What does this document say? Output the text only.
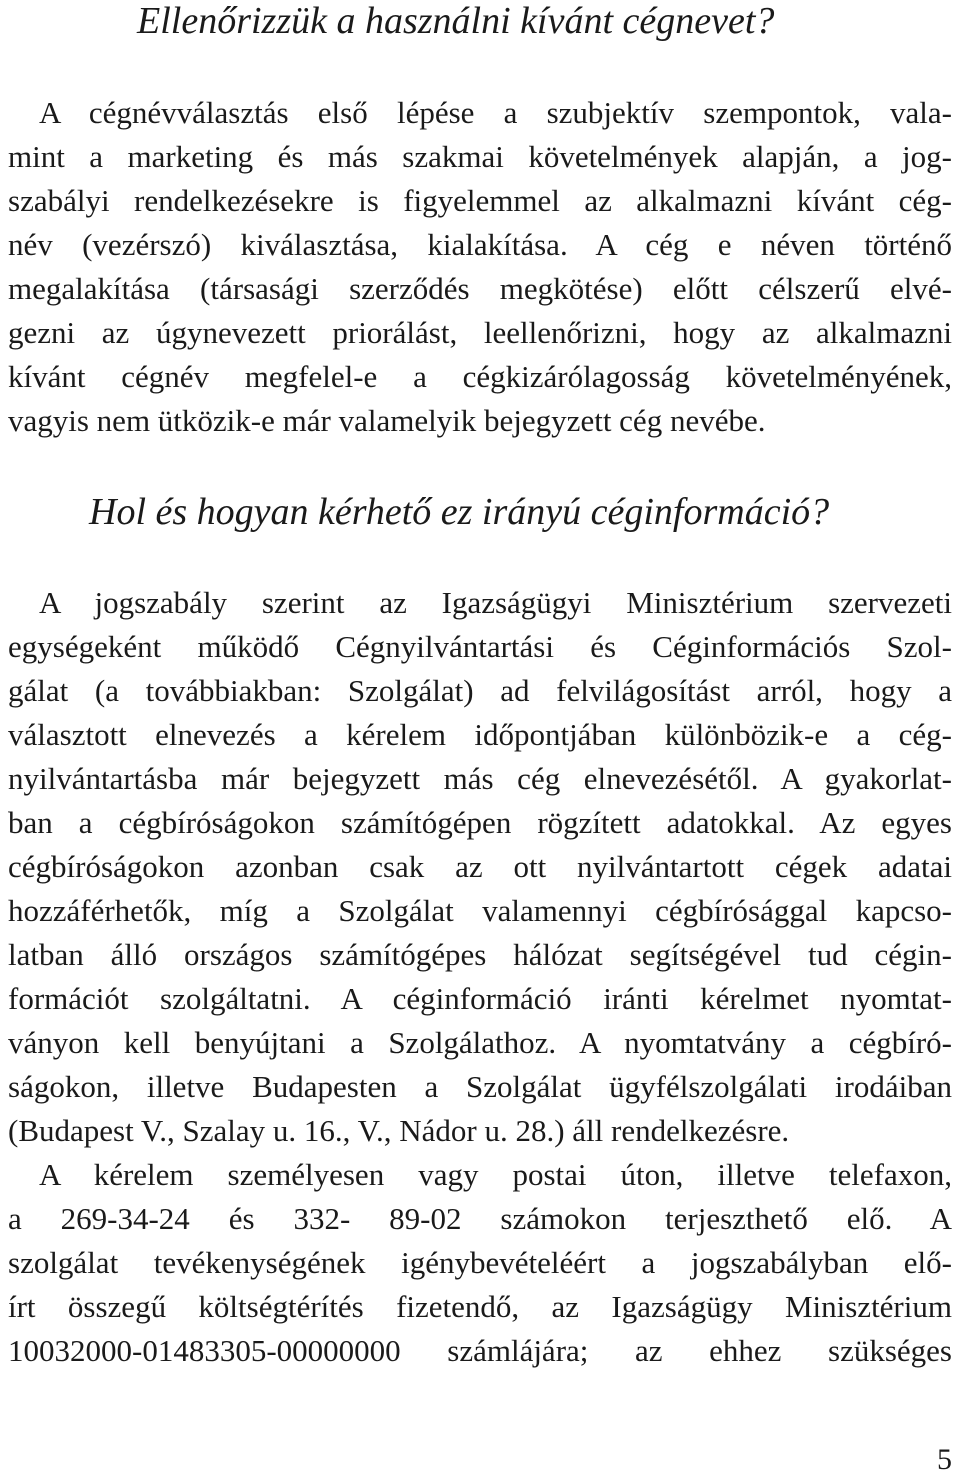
Ellenőrizzük a használni kívánt cégnevet?
A cégnévválasztás első lépése a szubjektív szempontok, vala-
mint a marketing és más szakmai követelmények alapján, a jog-
szabályi rendelkezésekre is figyelemmel az alkalmazni kívánt cég-
név (vezérszó) kiválasztása, kialakítása. A cég e néven történő
megalakítása (társasági szerződés megkötése) előtt célszerű elvé-
gezni az úgynevezett priorálást, leellenőrizni, hogy az alkalmazni
kívánt cégnév megfelel-e a cégkizárólagosság követelményének,
vagyis nem ütközik-e már valamelyik bejegyzett cég nevébe.
Hol és hogyan kérhető ez irányú céginformáció?
A jogszabály szerint az Igazságügyi Minisztérium szervezeti
egységeként működő Cégnyilvántartási és Céginformációs Szol-
gálat (a továbbiakban: Szolgálat) ad felvilágosítást arról, hogy a
választott elnevezés a kérelem időpontjában különbözik-e a cég-
nyilvántartásba már bejegyzett más cég elnevezésétől. A gyakorlat-
ban a cégbíróságokon számítógépen rögzített adatokkal. Az egyes
cégbíróságokon azonban csak az ott nyilvántartott cégek adatai
hozzáférhetők, míg a Szolgálat valamennyi cégbírósággal kapcso-
latban álló országos számítógépes hálózat segítségével tud cégin-
formációt szolgáltatni. A céginformáció iránti kérelmet nyomtat-
ványon kell benyújtani a Szolgálathoz. A nyomtatvány a cégbíró-
ságokon, illetve Budapesten a Szolgálat ügyfélszolgálati irodáiban
(Budapest V., Szalay u. 16., V., Nádor u. 28.) áll rendelkezésre.
A kérelem személyesen vagy postai úton, illetve telefaxon,
a 269-34-24 és 332- 89-02 számokon terjeszthető elő. A
szolgálat tevékenységének igénybevételéért a jogszabályban elő-
írt összegű költségtérítés fizetendő, az Igazságügy Minisztérium
10032000-01483305-00000000 számlájára; az ehhez szükséges
5
